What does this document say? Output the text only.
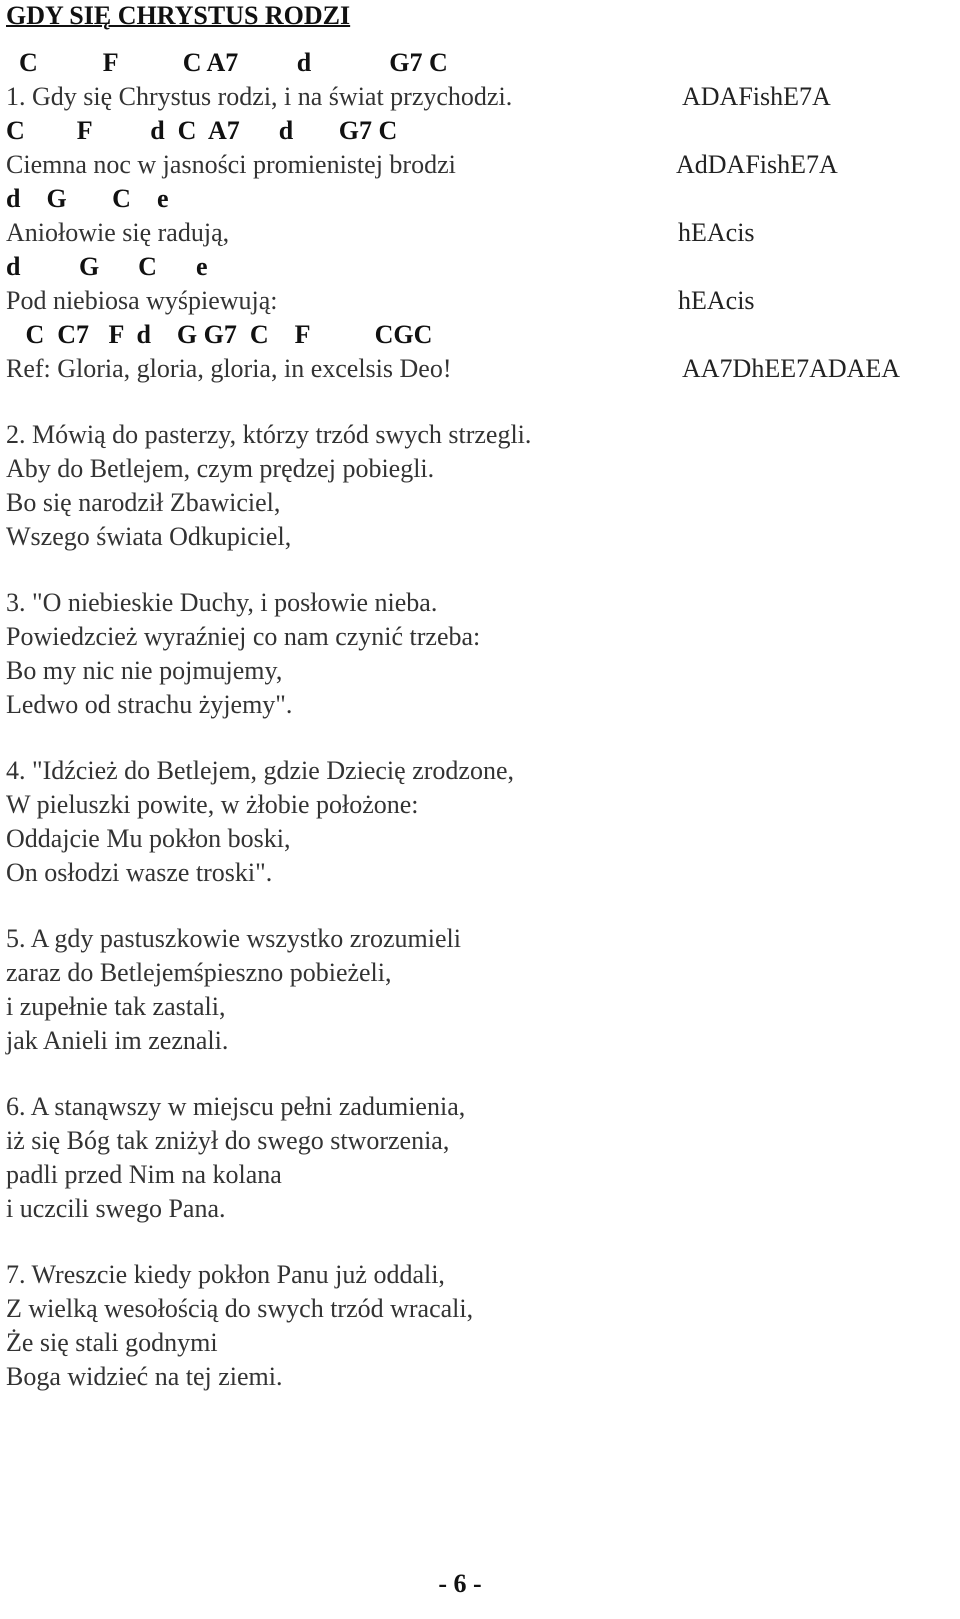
GDY SIĘ CHRYSTUS RODZI
C          F          C A7         d            G7 C
1. Gdy się Chrystus rodzi, i na świat przychodzi.	ADAFishE7A
C        F         d  C  A7      d       G7 C
Ciemna noc w jasności promienistej brodzi	AdDAFishE7A
d    G       C    e
Aniołowie się radują,	hEAcis
d         G      C      e
Pod niebiosa wyśpiewują:	hEAcis
C  C7   F  d    G G7  C    F          CGC
Ref: Gloria, gloria, gloria, in excelsis Deo!	AA7DhEE7ADAEA
2. Mówią do pasterzy, którzy trzód swych strzegli.
Aby do Betlejem, czym prędzej pobiegli.
Bo się narodził Zbawiciel,
Wszego świata Odkupiciel,
3. "O niebieskie Duchy, i posłowie nieba.
Powiedzcież wyraźniej co nam czynić trzeba:
Bo my nic nie pojmujemy,
Ledwo od strachu żyjemy".
4. "Idźcież do Betlejem, gdzie Dziecię zrodzone,
W pieluszki powite, w żłobie położone:
Oddajcie Mu pokłon boski,
On osłodzi wasze troski".
5. A gdy pastuszkowie wszystko zrozumieli
zaraz do Betlejemśpieszno pobieżeli,
i zupełnie tak zastali,
jak Anieli im zeznali.
6. A stanąwszy w miejscu pełni zadumienia,
iż się Bóg tak zniżył do swego stworzenia,
padli przed Nim na kolana
i uczcili swego Pana.
7. Wreszcie kiedy pokłon Panu już oddali,
Z wielką wesołością do swych trzód wracali,
Że się stali godnymi
Boga widzieć na tej ziemi.
- 6 -
